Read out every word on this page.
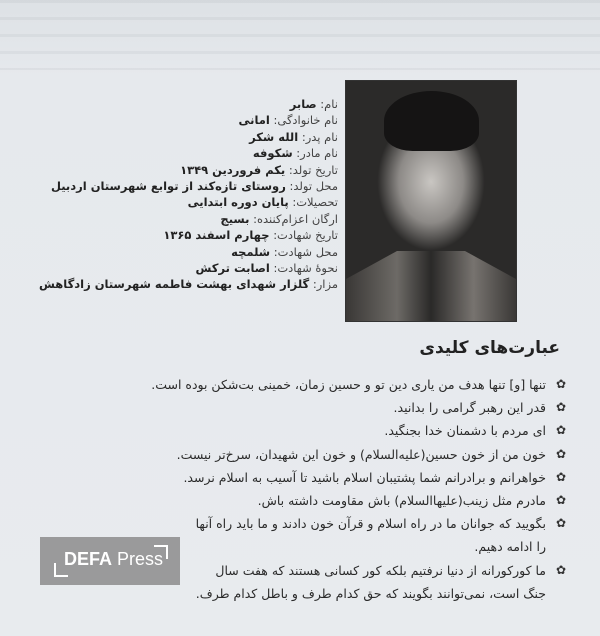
نام: صابر
نام خانوادگی: امانی
نام پدر: الله شکر
نام مادر: شکوفه
تاریخ تولد: یکم فروردین ۱۳۴۹
محل تولد: روستای تازه‌کند از توابع شهرستان اردبیل
تحصیلات: پایان دوره ابتدایی
ارگان اعزام‌کننده: بسیج
تاریخ شهادت: چهارم اسفند ۱۳۶۵
محل شهادت: شلمچه
نحوهٔ شهادت: اصابت ترکش
مزار: گلزار شهدای بهشت فاطمه شهرستان زادگاهش
عبارت‌های کلیدی
✿
تنها [و] تنها هدف من یاری دین تو و حسین زمان، خمینی بت‌شکن بوده است.
✿
قدر این رهبر گرامی را بدانید.
✿
ای مردم با دشمنان خدا بجنگید.
✿
خون من از خون حسین(علیه‌السلام) و خون این شهیدان، سرخ‌تر نیست.
✿
خواهرانم و برادرانم شما پشتیبان اسلام باشید تا آسیب به اسلام نرسد.
✿
مادرم مثل زینب(علیهاالسلام) باش مقاومت داشته باش.
✿
بگویید که جوانان ما در راه اسلام و قرآن خون دادند و ما باید راه آنها را ادامه دهیم.
✿
ما کورکورانه از دنیا نرفتیم بلکه کور کسانی هستند که هفت سال جنگ است، نمی‌توانند بگویند که حق کدام طرف و باطل کدام طرف.
DEFA Press
